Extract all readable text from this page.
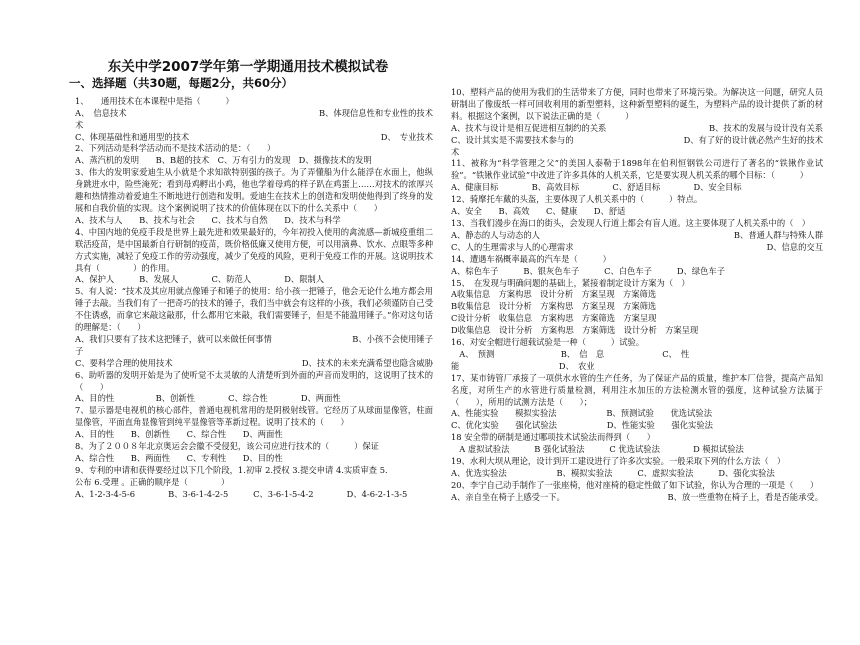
东关中学2007学年第一学期通用技术模拟试卷
一、选择题（共30题，每题2分，共60分）
1、　　通用技术在本课程中是指（　　　）
A、　信息技术	B、体现信息性和专业性的技术
术
C、体现基础性和通用型的技术	D、　专业技术
2、下列活动是科学活动而不是技术活动的是：（　　）
A、蒸汽机的发明　　B、B超的技术　C、万有引力的发现　D、摄像技术的发明
3、伟大的发明家爱迪生从小就是个求知欲特别强的孩子。为了弄懂船为什么能浮在水面上，他纵身跳进水中，险些淹死；看到母鸡孵出小鸡，他也学着母鸡的样子趴在鸡蛋上……对技术的浓厚兴趣和热情推动着爱迪生不断地进行创造和发明。爱迪生在技术上的创造和发明使他得到了终身的发展和自我价值的实现。这个案例说明了技术的价值体现在以下的什么关系中（　　）
A、技术与人　　B、技术与社会　　C、技术与自然　　D、技术与科学
4、中国内地的免疫手段是世界上最先进和效果最好的，今年初投入使用的禽流感—新城疫重组二联活疫苗，是中国最新自行研制的疫苗，既价格低廉又使用方便，可以用滴鼻、饮水、点眼等多种方式实施，减轻了免疫工作的劳动强度，减少了免疫的风险，更利于免疫工作的开展。这说明技术具有（　　　　）的作用。
A、保护人　　　B、发展人　　　　C、防范人　　　　D、限制人
5、有人说：“技术及其应用就点像锤子和锤子的使用：给小孩一把锤子，他会无论什么地方都会用锤子去敲。当我们有了一把奇巧的技术的锤子，我们当中就会有这样的小孩，我们必须谨防自己受不住诱惑，而拿它来敲这敲那，什么都用它来敲，我们需要锤子，但是不能滥用锤子。”你对这句话的理解是：（　　）
A、我们只要有了技术这把锤子，就可以来做任何事情	B、小孩不会使用锤子
子
C、要科学合理的使用技术	D、技术的未来充满希望也隐含威胁
6、助听器的发明开始是为了使听觉不太灵敏的人清楚听到外面的声音而发明的，这说明了技术的（　　）
A、目的性　　　　　B、创新性　　　　C、综合性　　　　D、两面性
7、显示器是电视机的核心部件，普通电视机常用的是阴极射线管。它经历了从球面显像管，柱面显像管，平面直角显像管到纯平显像管等革新过程。说明了技术的（　　）
A、目的性　　B、创新性　　C、综合性　　D、两面性
8、为了２００８年北京奥运会会徽不受侵犯，该公司应进行技术的（　　　）保证
A、综合性　　B、两面性　　C、专利性　　D、目的性
9、专利的申请和获得要经过以下几个阶段，1.初审 2.授权 3.提交申请 4.实质审查 5.
公布 6.受理 。正确的顺序是（　　　　）
A、1-2-3-4-5-6　　　　B、3-6-1-4-2-5　　　C、3-6-1-5-4-2　　　　D、4-6-2-1-3-5
10、塑料产品的使用为我们的生活带来了方便，同时也带来了环境污染。为解决这一问题，研究人员研制出了像废纸一样可回收利用的新型塑料，这种新型塑料的诞生，为塑料产品的设计提供了新的材料。根据这个案例，以下说法正确的是（　　　）
A、技术与设计是相互促进相互制约的关系	B、技术的发展与设计没有关系
C、设计其实是不需要技术参与的	D、有了好的设计就必然产生好的技术
术
11、被称为“科学管理之父”的美国人泰勒于1898年在伯利恒钢铁公司进行了著名的“铁锹作业试验”。“铁锹作业试验”中改进了许多具体的人机关系，它是要实现人机关系的哪个目标：（　　　）
A、健康目标　　　　B、高效目标　　　　C、舒适目标　　　　D、安全目标
12、骑摩托车戴的头盔，主要体现了人机关系中的（　　　）特点。
A、安全　　B、高效　　C、健康　　D、舒适
13、当我们漫步在海口的街头，会发现人行道上都会有盲人道。这主要体现了人机关系中的（　）
A、静态的人与动态的人	B、普通人群与特殊人群
C、人的生理需求与人的心理需求	D、信息的交互
14、遭遇车祸概率最高的汽车是（　　　）
A、棕色车子　　　B、银灰色车子　　　C、白色车子　　　D、绿色车子
15、　在发现与明确问题的基础上，紧接着制定设计方案为（　）
A收集信息　方案构思　设计分析　方案呈现　方案筛选
B收集信息　设计分析　方案构思　方案呈现　方案筛选
C设计分析　收集信息　方案构思　方案筛选　方案呈现
D收集信息　设计分析　方案构思　方案筛选　设计分析　方案呈现
16、对安全帽进行超载试验是一种（　　　）试验。
　A、　预测　　　　　　　　B、　信　息　　　　　　　C、　性
能　　　　　　　　　　　　D、　农业
17、某市铸管厂承接了一项供水水管的生产任务，为了保证产品的质量，维护本厂信誉，提高产品知名度，对所生产的水管进行质量检测，利用注水加压的方法检测水管的强度，这种试验方法属于（　　），所用的试测方法是（　　）；
A、性能实验　　模拟实验法　　　　　　B、预测试验　　优选试验法
C、优化实验　　强化试验法　　　　　　D、性能实验　　强化实验法
18 安全带的研制是通过哪项技术试验法而得到（　　）
　A 虚拟试验法　　　B 强化试验法　　　C 优选试验法　　　　D 模拟试验法
19、水利大坝从理论，设计到开工建设进行了许多次实验。一般采取下列的什么方法（　）
A、优选实验法　　　　　　B、模拟实验法　　　C、虚拟实验法　　　D、强化实验法
20、李宁自己动手制作了一张座椅，他对座椅的稳定性做了如下试验，你认为合理的一项是（　　）
A、亲自坐在椅子上感受一下。	B、放一些重物在椅子上，看是否能承受。
